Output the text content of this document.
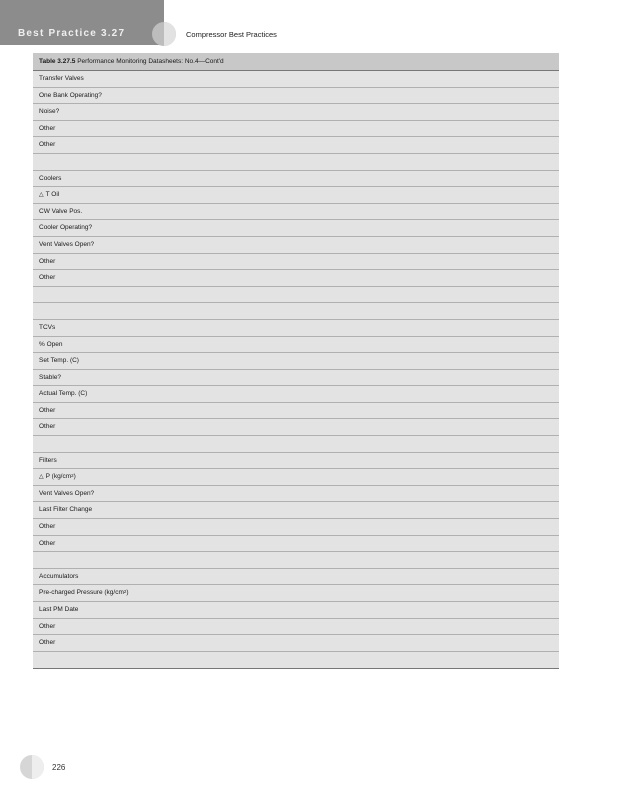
Best Practice 3.27	Compressor Best Practices
Table 3.27.5 Performance Monitoring Datasheets: No.4—Cont'd
Transfer Valves
One Bank Operating?
Noise?
Other
Other
Coolers
△ T Oil
CW Valve Pos.
Cooler Operating?
Vent Valves Open?
Other
Other
TCVs
% Open
Set Temp. (C)
Stable?
Actual Temp. (C)
Other
Other
Filters
△ P $(kg/cm^2)$
Vent Valves Open?
Last Filter Change
Other
Other
Accumulators
Pre-charged Pressure $(kg/cm^2)$
Last PM Date
Other
Other
226
